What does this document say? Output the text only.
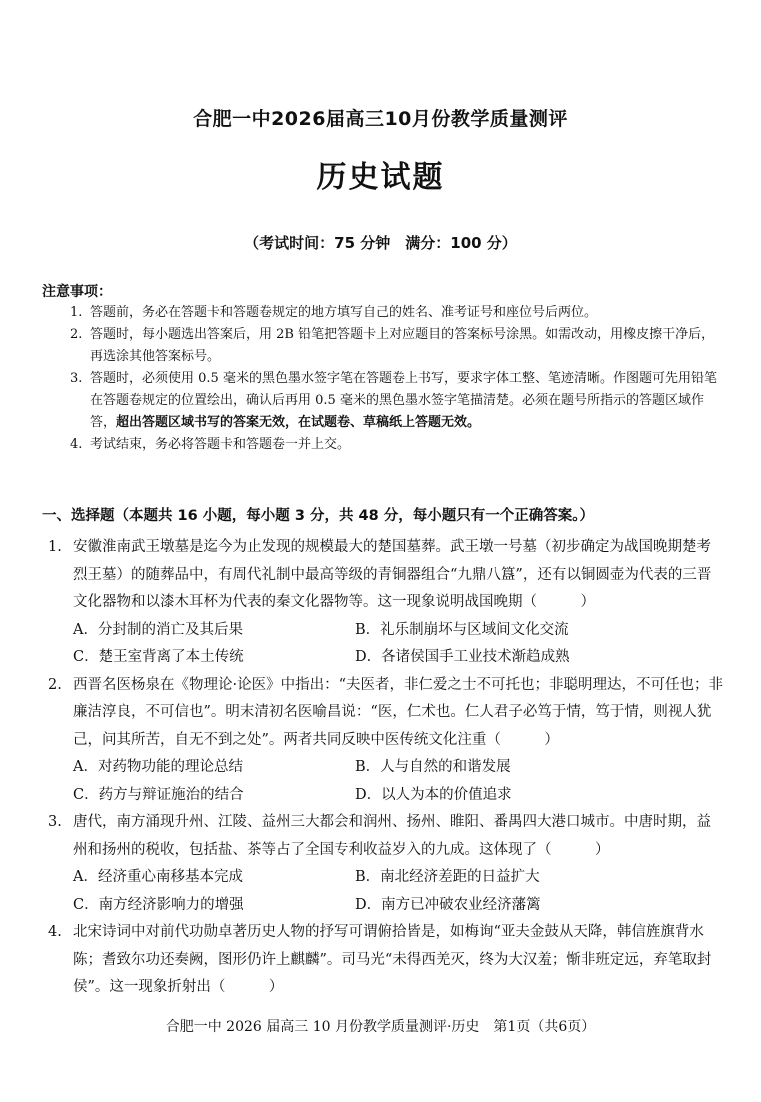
合肥一中2026届高三10月份教学质量测评
历史试题
（考试时间：75 分钟　满分：100 分）
注意事项：
1. 答题前，务必在答题卡和答题卷规定的地方填写自己的姓名、准考证号和座位号后两位。
2. 答题时，每小题选出答案后，用 2B 铅笔把答题卡上对应题目的答案标号涂黑。如需改动，用橡皮擦干净后，再选涂其他答案标号。
3. 答题时，必须使用 0.5 毫米的黑色墨水签字笔在答题卷上书写，要求字体工整、笔迹清晰。作图题可先用铅笔在答题卷规定的位置绘出，确认后再用 0.5 毫米的黑色墨水签字笔描清楚。必须在题号所指示的答题区域作答，超出答题区域书写的答案无效，在试题卷、草稿纸上答题无效。
4. 考试结束，务必将答题卡和答题卷一并上交。
一、选择题（本题共 16 小题，每小题 3 分，共 48 分，每小题只有一个正确答案。）
1. 安徽淮南武王墩墓是迄今为止发现的规模最大的楚国墓葬。武王墩一号墓（初步确定为战国晚期楚考烈王墓）的随葬品中，有周代礼制中最高等级的青铜器组合“九鼎八簋”，还有以铜圆壶为代表的三晋文化器物和以漆木耳杯为代表的秦文化器物等。这一现象说明战国晚期（　　　）
A．分封制的消亡及其后果	B．礼乐制崩坏与区域间文化交流
C．楚王室背离了本土传统	D．各诸侯国手工业技术渐趋成熟
2. 西晋名医杨泉在《物理论·论医》中指出：“夫医者，非仁爱之士不可托也；非聪明理达，不可任也；非廉洁淳良，不可信也”。明末清初名医喻昌说：“医，仁术也。仁人君子必笃于情，笃于情，则视人犹己，问其所苦，自无不到之处”。两者共同反映中医传统文化注重（　　　）
A．对药物功能的理论总结	B．人与自然的和谐发展
C．药方与辩证施治的结合	D．以人为本的价值追求
3. 唐代，南方涌现升州、江陵、益州三大都会和润州、扬州、睢阳、番禺四大港口城市。中唐时期，益州和扬州的税收，包括盐、茶等占了全国专利收益岁入的九成。这体现了（　　　）
A．经济重心南移基本完成	B．南北经济差距的日益扩大
C．南方经济影响力的增强	D．南方已冲破农业经济藩篱
4. 北宋诗词中对前代功勋卓著历史人物的抒写可谓俯拾皆是，如梅询“亚夫金鼓从天降，韩信旌旗背水陈；耆致尔功还奏阙，图形仍许上麒麟”。司马光“未得西羌灭，终为大汉羞；惭非班定远，弃笔取封侯”。这一现象折射出（　　　）
合肥一中 2026 届高三 10 月份教学质量测评·历史　第1页（共6页）
